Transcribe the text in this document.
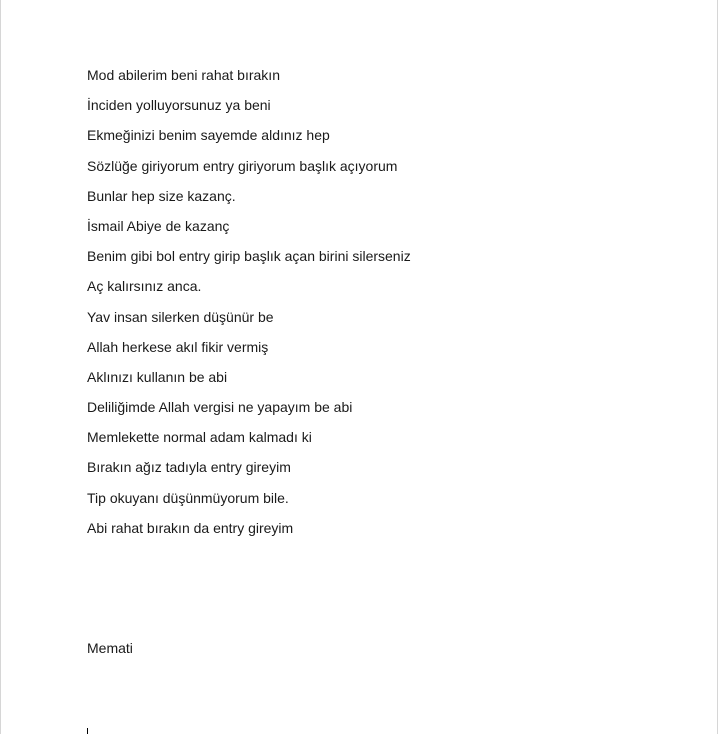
Mod abilerim beni rahat bırakın
İnciden yolluyorsunuz ya beni
Ekmeğinizi benim sayemde aldınız hep
Sözlüğe giriyorum entry giriyorum başlık açıyorum
Bunlar hep size kazanç.
İsmail Abiye de kazanç
Benim gibi bol entry girip başlık açan birini silerseniz
Aç kalırsınız anca.
Yav insan silerken düşünür be
Allah herkese akıl fikir vermiş
Aklınızı kullanın be abi
Deliliğimde Allah vergisi ne yapayım be abi
Memlekette normal adam kalmadı ki
Bırakın ağız tadıyla entry gireyim
Tip okuyanı düşünmüyorum bile.
Abi rahat bırakın da entry gireyim
Memati
